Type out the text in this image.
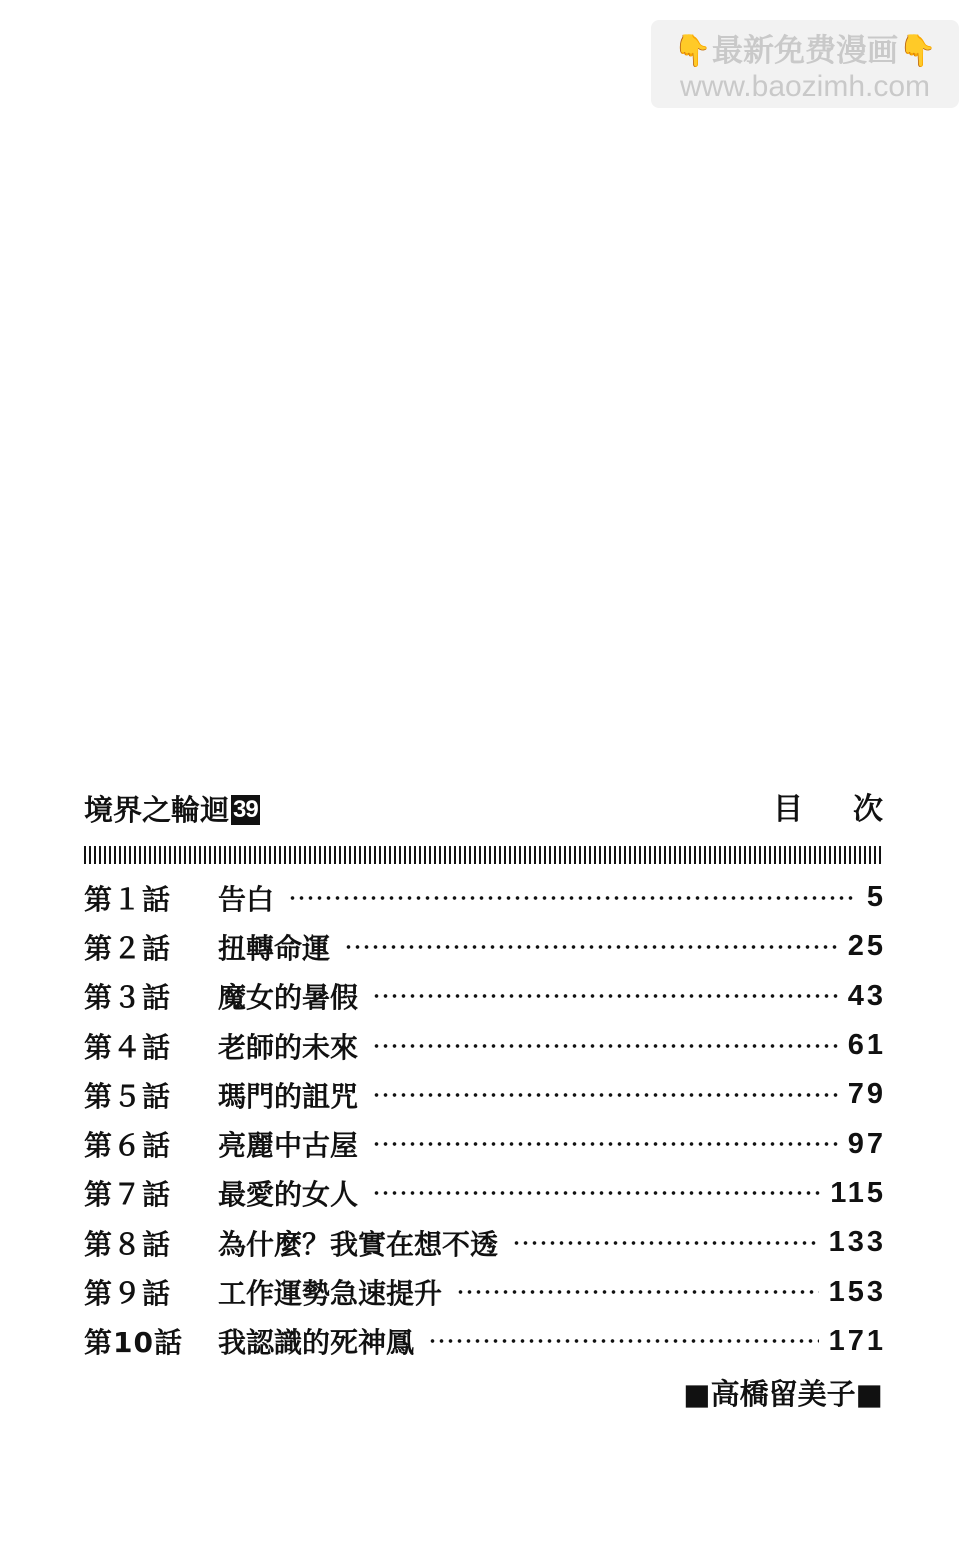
👇最新免费漫画👇
www.baozimh.com
境界之輪迴 39	目次
第１話	告白	5
第２話	扭轉命運	25
第３話	魔女的暑假	43
第４話	老師的未來	61
第５話	瑪門的詛咒	79
第６話	亮麗中古屋	97
第７話	最愛的女人	115
第８話	為什麼？我實在想不透	133
第９話	工作運勢急速提升	153
第10話	我認識的死神鳳	171
■高橋留美子■
